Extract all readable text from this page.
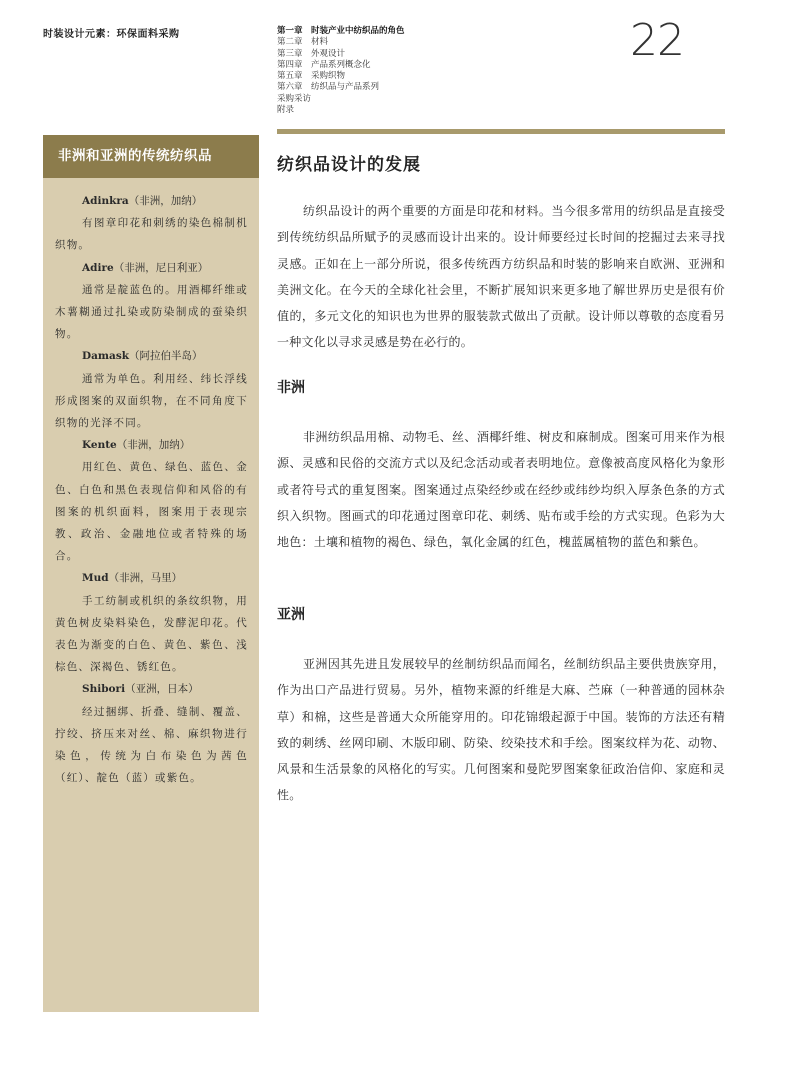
时装设计元素：环保面料采购	第一章　时装产业中纺织品的角色
第二章　材料
第三章　外观设计
第四章　产品系列概念化
第五章　采购织物
第六章　纺织品与产品系列
采购采访
附录
22
非洲和亚洲的传统纺织品
Adinkra（非洲，加纳）
有图章印花和刺绣的染色棉制机织物。
Adire（非洲，尼日利亚）
通常是靛蓝色的。用酒椰纤维或木薯糊通过扎染或防染制成的蚕染织物。
Damask（阿拉伯半岛）
通常为单色。利用经、纬长浮线形成图案的双面织物，在不同角度下织物的光泽不同。
Kente（非洲，加纳）
用红色、黄色、绿色、蓝色、金色、白色和黑色表现信仰和风俗的有图案的机织面料，图案用于表现宗教、政治、金融地位或者特殊的场合。
Mud（非洲，马里）
手工纺制或机织的条纹织物，用黄色树皮染料染色，发酵泥印花。代表色为渐变的白色、黄色、紫色、浅棕色、深褐色、锈红色。
Shibori（亚洲，日本）
经过捆绑、折叠、缝制、覆盖、拧绞、挤压来对丝、棉、麻织物进行染色，传统为白布染色为茜色（红）、靛色（蓝）或紫色。
纺织品设计的发展
纺织品设计的两个重要的方面是印花和材料。当今很多常用的纺织品是直接受到传统纺织品所赋予的灵感而设计出来的。设计师要经过长时间的挖掘过去来寻找灵感。正如在上一部分所说，很多传统西方纺织品和时装的影响来自欧洲、亚洲和美洲文化。在今天的全球化社会里，不断扩展知识来更多地了解世界历史是很有价值的，多元文化的知识也为世界的服装款式做出了贡献。设计师以尊敬的态度看另一种文化以寻求灵感是势在必行的。
非洲
非洲纺织品用棉、动物毛、丝、酒椰纤维、树皮和麻制成。图案可用来作为根源、灵感和民俗的交流方式以及纪念活动或者表明地位。意像被高度风格化为象形或者符号式的重复图案。图案通过点染经纱或在经纱或纬纱均织入厚条色条的方式织入织物。图画式的印花通过图章印花、刺绣、贴布或手绘的方式实现。色彩为大地色：土壤和植物的褐色、绿色，氧化金属的红色，槐蓝属植物的蓝色和紫色。
亚洲
亚洲因其先进且发展较早的丝制纺织品而闻名，丝制纺织品主要供贵族穿用，作为出口产品进行贸易。另外，植物来源的纤维是大麻、苎麻（一种普通的园林杂草）和棉，这些是普通大众所能穿用的。印花锦缎起源于中国。装饰的方法还有精致的刺绣、丝网印刷、木版印刷、防染、绞染技术和手绘。图案纹样为花、动物、风景和生活景象的风格化的写实。几何图案和曼陀罗图案象征政治信仰、家庭和灵性。
